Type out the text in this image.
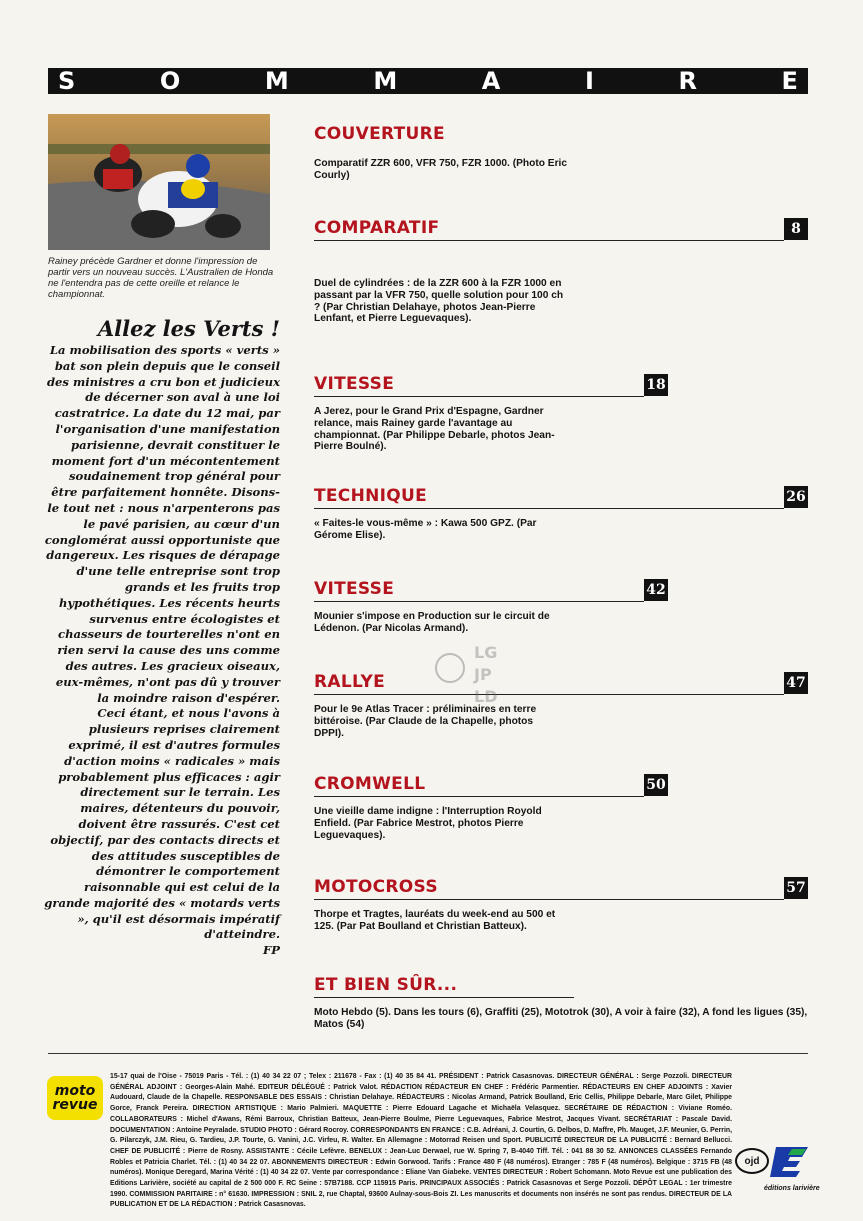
S	O	M	M	A	I	R	E
Rainey précède Gardner et donne l'impression de partir vers un nouveau succès. L'Australien de Honda ne l'entendra pas de cette oreille et relance le championnat.
Allez les Verts !

La mobilisation des sports « verts » bat son plein depuis que le conseil des ministres a cru bon et judicieux de décerner son aval à une loi castratrice. La date du 12 mai, par l'organisation d'une manifestation parisienne, devrait constituer le moment fort d'un mécontentement soudainement trop général pour être parfaitement honnête. Disons-le tout net : nous n'arpenterons pas le pavé parisien, au cœur d'un conglomérat aussi opportuniste que dangereux. Les risques de dérapage d'une telle entreprise sont trop grands et les fruits trop hypothétiques. Les récents heurts survenus entre écologistes et chasseurs de tourterelles n'ont en rien servi la cause des uns comme des autres. Les gracieux oiseaux, eux-mêmes, n'ont pas dû y trouver la moindre raison d'espérer.

Ceci étant, et nous l'avons à plusieurs reprises clairement exprimé, il est d'autres formules d'action moins « radicales » mais probablement plus efficaces : agir directement sur le terrain. Les maires, détenteurs du pouvoir, doivent être rassurés. C'est cet objectif, par des contacts directs et des attitudes susceptibles de démontrer le comportement raisonnable qui est celui de la grande majorité des « motards verts », qu'il est désormais impératif d'atteindre.

FP

COUVERTURE
Comparatif ZZR 600, VFR 750, FZR 1000. (Photo Eric Courly)
COMPARATIF	8
Duel de cylindrées : de la ZZR 600 à la FZR 1000 en passant par la VFR 750, quelle solution pour 100 ch ? (Par Christian Delahaye, photos Jean-Pierre Lenfant, et Pierre Leguevaques).
VITESSE	18
A Jerez, pour le Grand Prix d'Espagne, Gardner relance, mais Rainey garde l'avantage au championnat. (Par Philippe Debarle, photos Jean-Pierre Boulné).
TECHNIQUE	26
« Faites-le vous-même » : Kawa 500 GPZ. (Par Gérome Elise).
VITESSE	42
Mounier s'impose en Production sur le circuit de Lédenon. (Par Nicolas Armand).
RALLYE	47
Pour le 9e Atlas Tracer : préliminaires en terre bittéroise. (Par Claude de la Chapelle, photos DPPI).
CROMWELL	50
Une vieille dame indigne : l'Interruption Royold Enfield. (Par Fabrice Mestrot, photos Pierre Leguevaques).
MOTOCROSS	57
Thorpe et Tragtes, lauréats du week-end au 500 et 125. (Par Pat Boulland et Christian Batteux).
ET BIEN SÛR...
Moto Hebdo (5). Dans les tours (6), Graffiti (25), Mototrok (30), A voir à faire (32), A fond les ligues (35), Matos (54)
LG
JP
LD
moto
revue
15-17 quai de l'Oise - 75019 Paris - Tél. : (1) 40 34 22 07 ; Telex : 211678 - Fax : (1) 40 35 84 41. PRÉSIDENT : Patrick Casasnovas. DIRECTEUR GÉNÉRAL : Serge Pozzoli. DIRECTEUR GÉNÉRAL ADJOINT : Georges-Alain Mahé. EDITEUR DÉLÉGUÉ : Patrick Valot. RÉDACTION RÉDACTEUR EN CHEF : Frédéric Parmentier. RÉDACTEURS EN CHEF ADJOINTS : Xavier Audouard, Claude de la Chapelle. RESPONSABLE DES ESSAIS : Christian Delahaye. RÉDACTEURS : Nicolas Armand, Patrick Boulland, Eric Cellis, Philippe Debarle, Marc Gilet, Philippe Gorce, Franck Pereira. DIRECTION ARTISTIQUE : Mario Palmieri. MAQUETTE : Pierre Edouard Lagache et Michaëla Velasquez. SECRÉTAIRE DE RÉDACTION : Viviane Roméo. COLLABORATEURS : Michel d'Awans, Rémi Barroux, Christian Batteux, Jean-Pierre Boulme, Pierre Leguevaques, Fabrice Mestrot, Jacques Vivant. SECRÉTARIAT : Pascale David. DOCUMENTATION : Antoine Peyralade. STUDIO PHOTO : Gérard Rocroy. CORRESPONDANTS EN FRANCE : C.B. Adréani, J. Courtin, G. Delbos, D. Maffre, Ph. Mauget, J.F. Meunier, G. Perrin, G. Pilarczyk, J.M. Rieu, G. Tardieu, J.P. Tourte, G. Vanini, J.C. Virfeu, R. Walter. En Allemagne : Motorrad Reisen und Sport. PUBLICITÉ DIRECTEUR DE LA PUBLICITÉ : Bernard Bellucci. CHEF DE PUBLICITÉ : Pierre de Rosny. ASSISTANTE : Cécile Lefèvre. BENELUX : Jean-Luc Derwael, rue W. Spring 7, B-4040 Tiff. Tél. : 041 88 30 52. ANNONCES CLASSÉES Fernando Robles et Patricia Charlet. Tél. : (1) 40 34 22 07. ABONNEMENTS DIRECTEUR : Edwin Gorwood. Tarifs : France 480 F (48 numéros). Etranger : 785 F (48 numéros). Belgique : 3715 FB (48 numéros). Monique Deregard, Marina Vérité : (1) 40 34 22 07. Vente par correspondance : Eliane Van Giabeke. VENTES DIRECTEUR : Robert Schomann. Moto Revue est une publication des Editions Larivière, société au capital de 2 500 000 F. RC Seine : 57B7188. CCP 115915 Paris. PRINCIPAUX ASSOCIÉS : Patrick Casasnovas et Serge Pozzoli. DÉPÔT LEGAL : 1er trimestre 1990. COMMISSION PARITAIRE : n° 61630. IMPRESSION : SNIL 2, rue Chaptal, 93600 Aulnay-sous-Bois ZI. Les manuscrits et documents non insérés ne sont pas rendus. DIRECTEUR DE LA PUBLICATION ET DE LA RÉDACTION : Patrick Casasnovas.
ojd
éditions larivière
